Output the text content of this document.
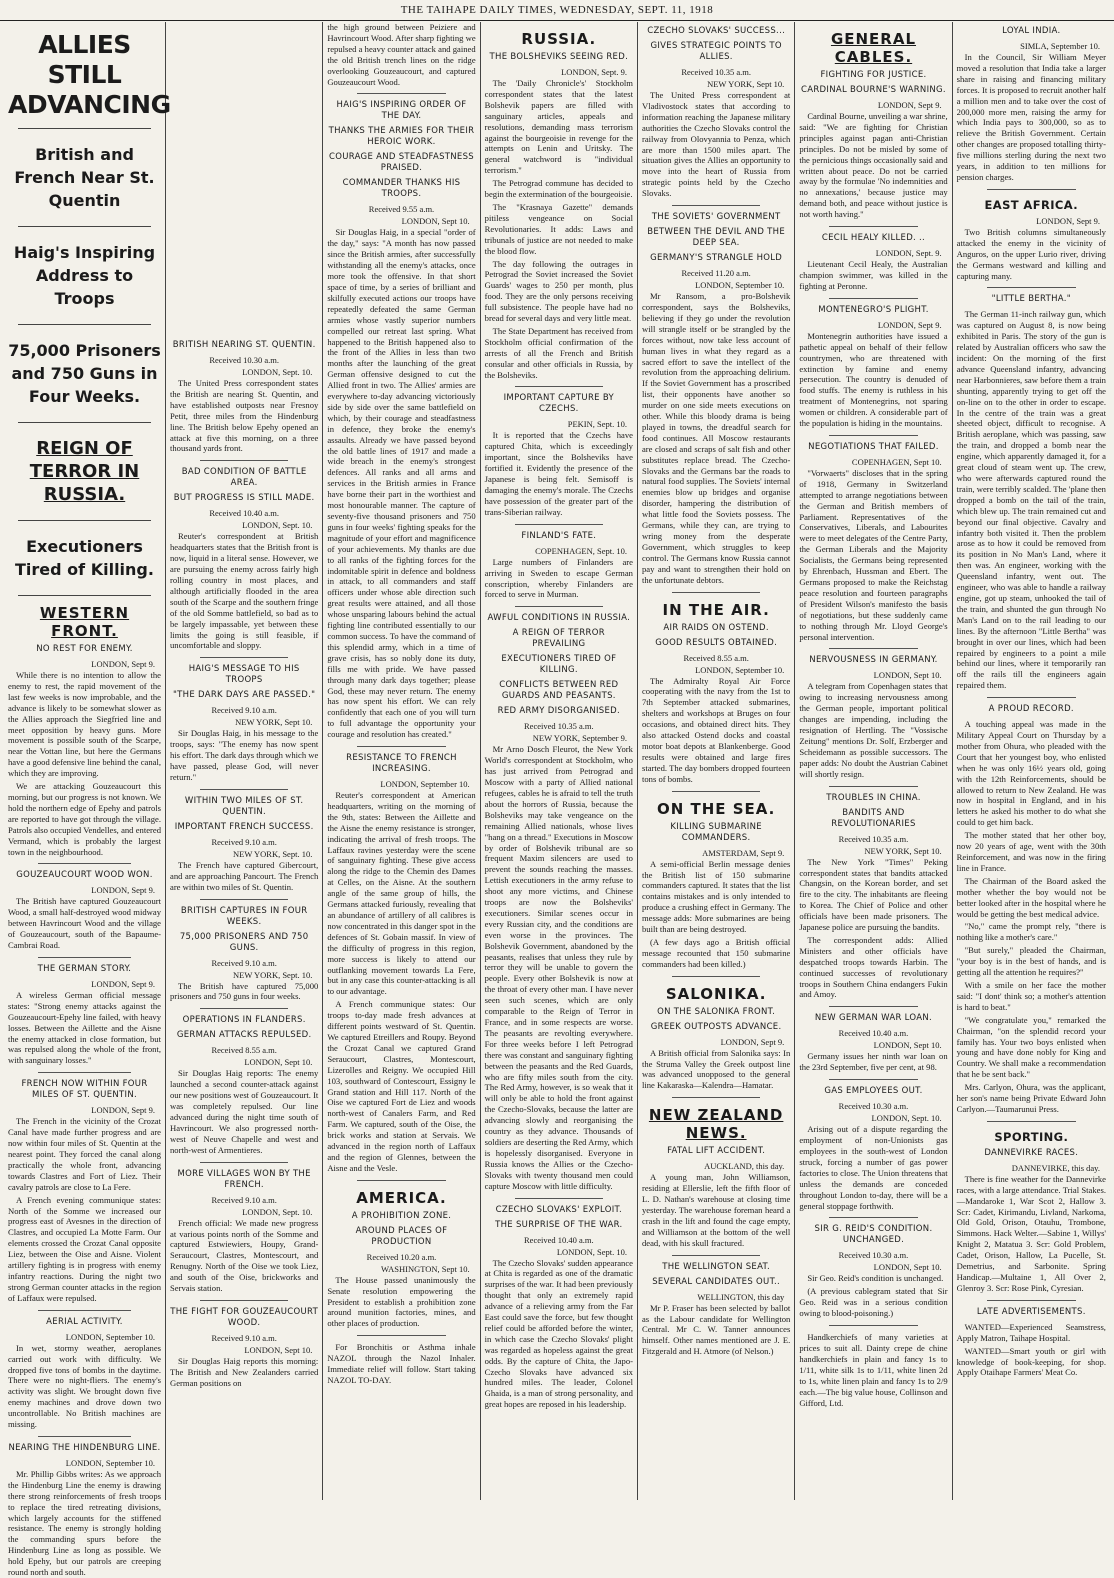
THE TAIHAPE DAILY TIMES, WEDNESDAY, SEPT. 11, 1918
ALLIES STILL ADVANCING
British and French Near St. Quentin
Haig's Inspiring Address to Troops
75,000 Prisoners and 750 Guns in Four Weeks.
REIGN OF TERROR IN RUSSIA.
Executioners Tired of Killing.
WESTERN FRONT.
NO REST FOR ENEMY.
LONDON, Sept 9.

While there is no intention to allow the enemy to rest, the rapid movement of the last few weeks is now improbable, and the advance is likely to be somewhat slower as the Allies approach the Siegfried line and meet opposition by heavy guns. More movement is possible south of the Scarpe, near the Vottan line, but here the Germans have a good defensive line behind the canal, which they are improving.

We are attacking Gouzeaucourt this morning, but our progress is not known. We hold the northern edge of Epehy and patrols are reported to have got through the village. Patrols also occupied Vendelles, and entered Vermand, which is probably the largest town in the neighbourhood.

GOUZEAUCOURT WOOD WON.
LONDON, Sept 9.

The British have captured Gouzeaucourt Wood, a small half-destroyed wood midway between Havrincourt Wood and the village of Gouzeaucourt, south of the Bapaume-Cambrai Road.

THE GERMAN STORY.
LONDON, Sept 9.

A wireless German official message states: "Strong enemy attacks against the Gouzeaucourt-Epehy line failed, with heavy losses. Between the Aillette and the Aisne the enemy attacked in close formation, but was repulsed along the whole of the front, with sanguinary losses."

FRENCH NOW WITHIN FOUR MILES OF ST. QUENTIN.
LONDON, Sept 9.

The French in the vicinity of the Crozat Canal have made further progress and are now within four miles of St. Quentin at the nearest point. They forced the canal along practically the whole front, advancing towards Clastres and Fort of Liez. Their cavalry patrols are close to La Fere.

A French evening communique states: North of the Somme we increased our progress east of Avesnes in the direction of Clastres, and occupied La Motte Farm. Our elements crossed the Crozat Canal opposite Liez, between the Oise and Aisne. Violent artillery fighting is in progress with enemy infantry reactions. During the night two strong German counter attacks in the region of Laffaux were repulsed.

AERIAL ACTIVITY.
LONDON, September 10.

In wet, stormy weather, aeroplanes carried out work with difficulty. We dropped five tons of bombs in the daytime. There were no night-fliers. The enemy's activity was slight. We brought down five enemy machines and drove down two uncontrollable. No British machines are missing.

NEARING THE HINDENBURG LINE.
LONDON, September 10.

Mr. Phillip Gibbs writes: As we approach the Hindenburg Line the enemy is drawing there strong reinforcements of fresh troops to replace the tired retreating divisions, which largely accounts for the stiffened resistance. The enemy is strongly holding the commanding spurs before the Hindenburg Line as long as possible. We hold Epehy, but our patrols are creeping round north and south.

BRITISH NEARING ST. QUENTIN.
Received 10.30 a.m.
LONDON, Sept. 10.

The United Press correspondent states the British are nearing St. Quentin, and have established outposts near Fresnoy Petit, three miles from the Hindenburg line. The British below Epehy opened an attack at five this morning, on a three thousand yards front.

BAD CONDITION OF BATTLE AREA.
BUT PROGRESS IS STILL MADE.
Received 10.40 a.m.
LONDON, Sept. 10.

Reuter's correspondent at British headquarters states that the British front is now, liquid in a literal sense. However, we are pursuing the enemy across fairly high rolling country in most places, and although artificially flooded in the area south of the Scarpe and the southern fringe of the old Somme battlefield, so bad as to be largely impassable, yet between these limits the going is still feasible, if uncomfortable and sloppy.

HAIG'S MESSAGE TO HIS TROOPS
"THE DARK DAYS ARE PASSED."
Received 9.10 a.m.
NEW YORK, Sept 10.

Sir Douglas Haig, in his message to the troops, says: "The enemy has now spent his effort. The dark days through which we have passed, please God, will never return."

WITHIN TWO MILES OF ST. QUENTIN.
IMPORTANT FRENCH SUCCESS.
Received 9.10 a.m.
NEW YORK, Sept. 10.

The French have captured Gibercourt, and are approaching Pancourt. The French are within two miles of St. Quentin.

BRITISH CAPTURES IN FOUR WEEKS.
75,000 PRISONERS AND 750 GUNS.
Received 9.10 a.m.
NEW YORK, Sept. 10.

The British have captured 75,000 prisoners and 750 guns in four weeks.

OPERATIONS IN FLANDERS.
GERMAN ATTACKS REPULSED.
Received 8.55 a.m.
LONDON, Sept 10.

Sir Douglas Haig reports: The enemy launched a second counter-attack against our new positions west of Gouzeaucourt. It was completely repulsed. Our line advanced during the night time south of Havrincourt. We also progressed north-west of Neuve Chapelle and west and north-west of Armentieres.

MORE VILLAGES WON BY THE FRENCH.
Received 9.10 a.m.
LONDON, Sept. 10.

French official: We made new progress at various points north of the Somme and captured Estwiewiers, Houpy, Grand-Seraucourt, Clastres, Montescourt, and Renugny. North of the Oise we took Liez, and south of the Oise, brickworks and Servais station.

THE FIGHT FOR GOUZEAUCOURT WOOD.
Received 9.10 a.m.
LONDON, Sept 10.

Sir Douglas Haig reports this morning: The British and New Zealanders carried German positions on

the high ground between Peiziere and Havrincourt Wood. After sharp fighting we repulsed a heavy counter attack and gained the old British trench lines on the ridge overlooking Gouzeaucourt, and captured Gouzeaucourt Wood.

HAIG'S INSPIRING ORDER OF THE DAY.
THANKS THE ARMIES FOR THEIR HEROIC WORK.
COURAGE AND STEADFASTNESS PRAISED.
COMMANDER THANKS HIS TROOPS.
Received 9.55 a.m.
LONDON, Sept 10.

Sir Douglas Haig, in a special "order of the day," says: "A month has now passed since the British armies, after successfully withstanding all the enemy's attacks, once more took the offensive. In that short space of time, by a series of brilliant and skilfully executed actions our troops have repeatedly defeated the same German armies whose vastly superior numbers compelled our retreat last spring. What happened to the British happened also to the front of the Allies in less than two months after the launching of the great German offensive designed to cut the Allied front in two. The Allies' armies are everywhere to-day advancing victoriously side by side over the same battlefield on which, by their courage and steadfastness in defence, they broke the enemy's assaults. Already we have passed beyond the old battle lines of 1917 and made a wide breach in the enemy's strongest defences. All ranks and all arms and services in the British armies in France have borne their part in the worthiest and most honourable manner. The capture of seventy-five thousand prisoners and 750 guns in four weeks' fighting speaks for the magnitude of your effort and magnificence of your achievements. My thanks are due to all ranks of the fighting forces for the indomitable spirit in defence and boldness in attack, to all commanders and staff officers under whose able direction such great results were attained, and all those whose unsparing labours behind the actual fighting line contributed essentially to our common success. To have the command of this splendid army, which in a time of grave crisis, has so nobly done its duty, fills me with pride. We have passed through many dark days together; please God, these may never return. The enemy has now spent his effort. We can rely confidently that each one of you will turn to full advantage the opportunity your courage and resolution has created."

RESISTANCE TO FRENCH INCREASING.
LONDON, September 10.

Reuter's correspondent at American headquarters, writing on the morning of the 9th, states: Between the Aillette and the Aisne the enemy resistance is stronger, indicating the arrival of fresh troops. The Laffaux ravines yesterday were the scene of sanguinary fighting. These give access along the ridge to the Chemin des Dames at Celles, on the Aisne. At the southern angle of the same group of hills, the Germans attacked furiously, revealing that an abundance of artillery of all calibres is now concentrated in this danger spot in the defences of St. Gobain massif. In view of the difficulty of progress in this region, more success is likely to attend our outflanking movement towards La Fere, but in any case this counter-attacking is all to our advantage.

A French communique states: Our troops to-day made fresh advances at different points westward of St. Quentin. We captured Etreillers and Roupy. Beyond the Crozat Canal we captured Grand Seraucourt, Clastres, Montescourt, Lizerolles and Reigny. We occupied Hill 103, southward of Contescourt, Essigny le Grand station and Hill 117. North of the Oise we captured Fort de Liez and woods north-west of Canalers Farm, and Red Farm. We captured, south of the Oise, the brick works and station at Servais. We advanced in the region north of Laffaux and the region of Glennes, between the Aisne and the Vesle.

AMERICA.
A PROHIBITION ZONE.
AROUND PLACES OF PRODUCTION
Received 10.20 a.m.
WASHINGTON, Sept 10.

The House passed unanimously the Senate resolution empowering the President to establish a prohibition zone around munition factories, mines, and other places of production.

For Bronchitis or Asthma inhale NAZOL through the Nazol Inhaler. Immediate relief will follow. Start taking NAZOL TO-DAY.

RUSSIA.
THE BOLSHEVIKS SEEING RED.
LONDON, Sept. 9.

The 'Daily Chronicle's' Stockholm correspondent states that the latest Bolshevik papers are filled with sanguinary articles, appeals and resolutions, demanding mass terrorism against the bourgeoisie in revenge for the attempts on Lenin and Uritsky. The general watchword is "individual terrorism."

The Petrograd commune has decided to begin the extermination of the bourgeoisie.

The "Krasnaya Gazette" demands pitiless vengeance on Social Revolutionaries. It adds: Laws and tribunals of justice are not needed to make the blood flow.

The day following the outrages in Petrograd the Soviet increased the Soviet Guards' wages to 250 per month, plus food. They are the only persons receiving full subsistence. The people have had no bread for several days and very little meat.

The State Department has received from Stockholm official confirmation of the arrests of all the French and British consular and other officials in Russia, by the Bolsheviks.

IMPORTANT CAPTURE BY CZECHS.
PEKIN, Sept. 10.

It is reported that the Czechs have captured Chita, which is exceedingly important, since the Bolsheviks have fortified it. Evidently the presence of the Japanese is being felt. Semisoff is damaging the enemy's morale. The Czechs have possession of the greater part of the trans-Siberian railway.

FINLAND'S FATE.
COPENHAGEN, Sept. 10.

Large numbers of Finlanders are arriving in Sweden to escape German conscription, whereby Finlanders are forced to serve in Murman.

AWFUL CONDITIONS IN RUSSIA.
A REIGN OF TERROR PREVAILING
EXECUTIONERS TIRED OF KILLING.
CONFLICTS BETWEEN RED GUARDS AND PEASANTS.
RED ARMY DISORGANISED.
Received 10.35 a.m.
NEW YORK, September 9.

Mr Arno Dosch Fleurot, the New York World's correspondent at Stockholm, who has just arrived from Petrograd and Moscow with a party of Allied national refugees, cables he is afraid to tell the truth about the horrors of Russia, because the Bolsheviks may take vengeance on the remaining Allied nationals, whose lives "hang on a thread." Executions in Moscow by order of Bolshevik tribunal are so frequent Maxim silencers are used to prevent the sounds reaching the masses. Lettish executioners in the army refuse to shoot any more victims, and Chinese troops are now the Bolsheviks' executioners. Similar scenes occur in every Russian city, and the conditions are even worse in the provinces. The Bolshevik Government, abandoned by the peasants, realises that unless they rule by terror they will be unable to govern the people. Every other Bolshevik is now at the throat of every other man. I have never seen such scenes, which are only comparable to the Reign of Terror in France, and in some respects are worse. The peasants are revolting everywhere. For three weeks before I left Petrograd there was constant and sanguinary fighting between the peasants and the Red Guards, who are fifty miles south from the city. The Red Army, however, is so weak that it will only be able to hold the front against the Czecho-Slovaks, because the latter are advancing slowly and reorganising the country as they advance. Thousands of soldiers are deserting the Red Army, which is hopelessly disorganised. Everyone in Russia knows the Allies or the Czecho-Slovaks with twenty thousand men could capture Moscow with little difficulty.

CZECHO SLOVAKS' EXPLOIT.
THE SURPRISE OF THE WAR.
Received 10.40 a.m.
LONDON, Sept. 10.

The Czecho Slovaks' sudden appearance at Chita is regarded as one of the dramatic surprises of the war. It had been previously thought that only an extremely rapid advance of a relieving army from the Far East could save the force, but few thought relief could be afforded before the winter, in which case the Czecho Slovaks' plight was regarded as hopeless against the great odds. By the capture of Chita, the Japo-Czecho Slovaks have advanced six hundred miles. The leader, Colonel Ghaida, is a man of strong personality, and great hopes are reposed in his leadership.

CZECHO SLOVAKS' SUCCESS...
GIVES STRATEGIC POINTS TO ALLIES.
Received 10.35 a.m.
NEW YORK, Sept 10.

The United Press correspondent at Vladivostock states that according to information reaching the Japanese military authorities the Czecho Slovaks control the railway from Olovyannia to Penza, which are more than 1500 miles apart. The situation gives the Allies an opportunity to move into the heart of Russia from strategic points held by the Czecho Slovaks.

THE SOVIETS' GOVERNMENT
BETWEEN THE DEVIL AND THE DEEP SEA.
GERMANY'S STRANGLE HOLD
Received 11.20 a.m.
LONDON, September 10.

Mr Ransom, a pro-Bolshevik correspondent, says the Bolsheviks, believing if they go under the revolution will strangle itself or be strangled by the forces without, now take less account of human lives in what they regard as a sacred effort to save the intellect of the revolution from the approaching delirium. If the Soviet Government has a proscribed list, their opponents have another so murder on one side meets executions on other. While this bloody drama is being played in towns, the dreadful search for food continues. All Moscow restaurants are closed and scraps of salt fish and other substitutes replace bread. The Czecho-Slovaks and the Germans bar the roads to natural food supplies. The Soviets' internal enemies blow up bridges and organise disorder, hampering the distribution of what little food the Soviets possess. The Germans, while they can, are trying to wring money from the desperate Government, which struggles to keep control. The Germans know Russia cannot pay and want to strengthen their hold on the unfortunate debtors.

IN THE AIR.
AIR RAIDS ON OSTEND.
GOOD RESULTS OBTAINED.
Received 8.55 a.m.
LONDON, September 10.

The Admiralty Royal Air Force cooperating with the navy from the 1st to 7th September attacked submarines, shelters and workshops at Bruges on four occasions, and obtained direct hits. They also attacked Ostend docks and coastal motor boat depots at Blankenberge. Good results were obtained and large fires started. The day bombers dropped fourteen tons of bombs.

ON THE SEA.
KILLING SUBMARINE COMMANDERS.
AMSTERDAM, Sept 9.

A semi-official Berlin message denies the British list of 150 submarine commanders captured. It states that the list contains mistakes and is only intended to produce a crushing effect in Germany. The message adds: More submarines are being built than are being destroyed.

(A few days ago a British official message recounted that 150 submarine commanders had been killed.)

SALONIKA.
ON THE SALONIKA FRONT.
GREEK OUTPOSTS ADVANCE.
LONDON, Sept 9.

A British official from Salonika says: In the Struma Valley the Greek outpost line was advanced unopposed to the general line Kakaraska—Kalendra—Hamatar.

NEW ZEALAND NEWS.
FATAL LIFT ACCIDENT.
AUCKLAND, this day.

A young man, John Williamson, residing at Ellerslie, left the fifth floor of L. D. Nathan's warehouse at closing time yesterday. The warehouse foreman heard a crash in the lift and found the cage empty, and Williamson at the bottom of the well dead, with his skull fractured.

THE WELLINGTON SEAT.
SEVERAL CANDIDATES OUT..
WELLINGTON, this day

Mr P. Fraser has been selected by ballot as the Labour candidate for Wellington Central. Mr C. W. Tanner announces himself. Other names mentioned are J. E. Fitzgerald and H. Atmore (of Nelson.)

GENERAL CABLES.
FIGHTING FOR JUSTICE.
CARDINAL BOURNE'S WARNING.
LONDON, Sept 9.

Cardinal Bourne, unveiling a war shrine, said: "We are fighting for Christian principles against pagan anti-Christian principles. Do not be misled by some of the pernicious things occasionally said and written about peace. Do not be carried away by the formulae 'No indemnities and no annexations,' because justice may demand both, and peace without justice is not worth having."

CECIL HEALY KILLED. ..
LONDON, Sept. 9.

Lieutenant Cecil Healy, the Australian champion swimmer, was killed in the fighting at Peronne.

MONTENEGRO'S PLIGHT.
LONDON, Sept 9.

Montenegrin authorities have issued a pathetic appeal on behalf of their fellow countrymen, who are threatened with extinction by famine and enemy persecution. The country is denuded of food stuffs. The enemy is ruthless in his treatment of Montenegrins, not sparing women or children. A considerable part of the population is hiding in the mountains.

NEGOTIATIONS THAT FAILED.
COPENHAGEN, Sept 10.

"Vorwaerts" discloses that in the spring of 1918, Germany in Switzerland attempted to arrange negotiations between the German and British members of Parliament. Representatives of the Conservatives, Liberals, and Labourites were to meet delegates of the Centre Party, the German Liberals and the Majority Socialists, the Germans being represented by Ehrenbach, Hussman and Ebert. The Germans proposed to make the Reichstag peace resolution and fourteen paragraphs of President Wilson's manifesto the basis of negotiations, but these suddenly came to nothing through Mr. Lloyd George's personal intervention.

NERVOUSNESS IN GERMANY.
LONDON, Sept 10.

A telegram from Copenhagen states that owing to increasing nervousness among the German people, important political changes are impending, including the resignation of Hertling. The "Vossische Zeitung" mentions Dr. Solf, Erzberger and Scheidemann as possible successors. The paper adds: No doubt the Austrian Cabinet will shortly resign.

TROUBLES IN CHINA.
BANDITS AND REVOLUTIONARIES
Received 10.35 a.m.
NEW YORK, Sept 10.

The New York "Times" Peking correspondent states that bandits attacked Changsin, on the Korean border, and set fire to the city. The inhabitants are fleeing to Korea. The Chief of Police and other officials have been made prisoners. The Japanese police are pursuing the bandits.

The correspondent adds: Allied Ministers and other officials have despatched troops towards Harbin. The continued successes of revolutionary troops in Southern China endangers Fukin and Amoy.

NEW GERMAN WAR LOAN.
Received 10.40 a.m.
LONDON, Sept 10.

Germany issues her ninth war loan on the 23rd September, five per cent, at 98.

GAS EMPLOYEES OUT.
Received 10.30 a.m.
LONDON, Sept. 10.

Arising out of a dispute regarding the employment of non-Unionists gas employees in the south-west of London struck, forcing a number of gas power factories to close. The Union threatens that unless the demands are conceded throughout London to-day, there will be a general stoppage forthwith.

SIR G. REID'S CONDITION. UNCHANGED.
Received 10.30 a.m.
LONDON, Sept 10.

Sir Geo. Reid's condition is unchanged.

(A previous cablegram stated that Sir Geo. Reid was in a serious condition owing to blood-poisoning.)

Handkerchiefs of many varieties at prices to suit all. Dainty crepe de chine handkerchiefs in plain and fancy 1s to 1/11, white silk 1s to 1/11, white linen 2d to 1s, white linen plain and fancy 1s to 2/9 each.—The big value house, Collinson and Gifford, Ltd.

LOYAL INDIA.
SIMLA, September 10.

In the Council, Sir William Meyer moved a resolution that India take a larger share in raising and financing military forces. It is proposed to recruit another half a million men and to take over the cost of 200,000 more men, raising the army for which India pays to 300,000, so as to relieve the British Government. Certain other changes are proposed totalling thirty-five millions sterling during the next two years, in addition to ten millions for pension charges.

EAST AFRICA.
LONDON, Sept 9.

Two British columns simultaneously attacked the enemy in the vicinity of Anguros, on the upper Lurio river, driving the Germans westward and killing and capturing many.

"LITTLE BERTHA."

The German 11-inch railway gun, which was captured on August 8, is now being exhibited in Paris. The story of the gun is related by Australian officers who saw the incident: On the morning of the first advance Queensland infantry, advancing near Harbonnieres, saw before them a train shunting, apparently trying to get off the on-line on to the other in order to escape. In the centre of the train was a great sheeted object, difficult to recognise. A British aeroplane, which was passing, saw the train, and dropped a bomb near the engine, which apparently damaged it, for a great cloud of steam went up. The crew, who were afterwards captured round the train, were terribly scalded. The 'plane then dropped a bomb on the tail of the train, which blew up. The train remained cut and beyond our final objective. Cavalry and infantry both visited it. Then the problem arose as to how it could be removed from its position in No Man's Land, where it then was. An engineer, working with the Queensland infantry, went out. The engineer, who was able to handle a railway engine, got up steam, unhooked the tail of the train, and shunted the gun through No Man's Land on to the rail leading to our lines. By the afternoon "Little Bertha" was brought in over our lines, which had been repaired by engineers to a point a mile behind our lines, where it temporarily ran off the rails till the engineers again repaired them.

A PROUD RECORD.

A touching appeal was made in the Military Appeal Court on Thursday by a mother from Ohura, who pleaded with the Court that her youngest boy, who enlisted when he was only 16½ years old, going with the 12th Reinforcements, should be allowed to return to New Zealand. He was now in hospital in England, and in his letters he asked his mother to do what she could to get him back.

The mother stated that her other boy, now 20 years of age, went with the 30th Reinforcement, and was now in the firing line in France.

The Chairman of the Board asked the mother whether the boy would not be better looked after in the hospital where he would be getting the best medical advice.

"No," came the prompt rely, "there is nothing like a mother's care."

"But surely," pleaded the Chairman, "your boy is in the best of hands, and is getting all the attention he requires?"

With a smile on her face the mother said: "I dont' think so; a mother's attention is hard to beat."

"We congratulate you," remarked the Chairman, "on the splendid record your family has. Your two boys enlisted when young and have done nobly for King and Country. We shall make a recommendation that he be sent back."

Mrs. Carlyon, Ohura, was the applicant, her son's name being Private Edward John Carlyon.—Taumarunui Press.

SPORTING.
DANNEVIRKE RACES.
DANNEVIRKE, this day.

There is fine weather for the Dannevirke races, with a large attendance. Trial Stakes.—Mandaroke 1, War Scot 2, Hallow 3. Scr: Cadet, Kirimandu, Livland, Narkoma, Old Gold, Orison, Otauhu, Trombone, Simmons. Hack Welter.—Sabine 1, Willys' Knight 2, Matatua 3. Scr: Gold Problem, Cadet, Orison, Hallow, La Pucelle, St. Demetrius, and Sarbonite. Spring Handicap.—Multaine 1, All Over 2, Glenroy 3. Scr: Rose Pink, Cyresian.

LATE ADVERTISEMENTS.

WANTED—Experienced Seamstress, Apply Matron, Taihape Hospital.

WANTED—Smart youth or girl with knowledge of book-keeping, for shop. Apply Otaihape Farmers' Meat Co.
